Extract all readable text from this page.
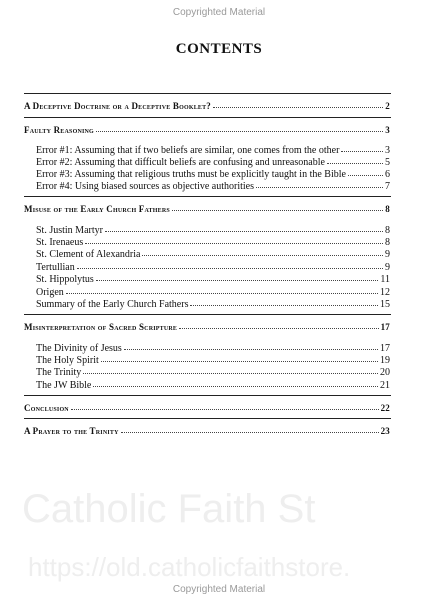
Copyrighted Material
CONTENTS
A Deceptive Doctrine or a Deceptive Booklet?	2
Faulty Reasoning	3
Error #1: Assuming that if two beliefs are similar, one comes from the other	3
Error #2: Assuming that difficult beliefs are confusing and unreasonable	5
Error #3: Assuming that religious truths must be explicitly taught in the Bible	6
Error #4: Using biased sources as objective authorities	7
Misuse of the Early Church Fathers	8
St. Justin Martyr	8
St. Irenaeus	8
St. Clement of Alexandria	9
Tertullian	9
St. Hippolytus	11
Origen	12
Summary of the Early Church Fathers	15
Misinterpretation of Sacred Scripture	17
The Divinity of Jesus	17
The Holy Spirit	19
The Trinity	20
The JW Bible	21
Conclusion	22
A Prayer to the Trinity	23
Catholic Faith St
https://old.catholicfaithstore.
Copyrighted Material
